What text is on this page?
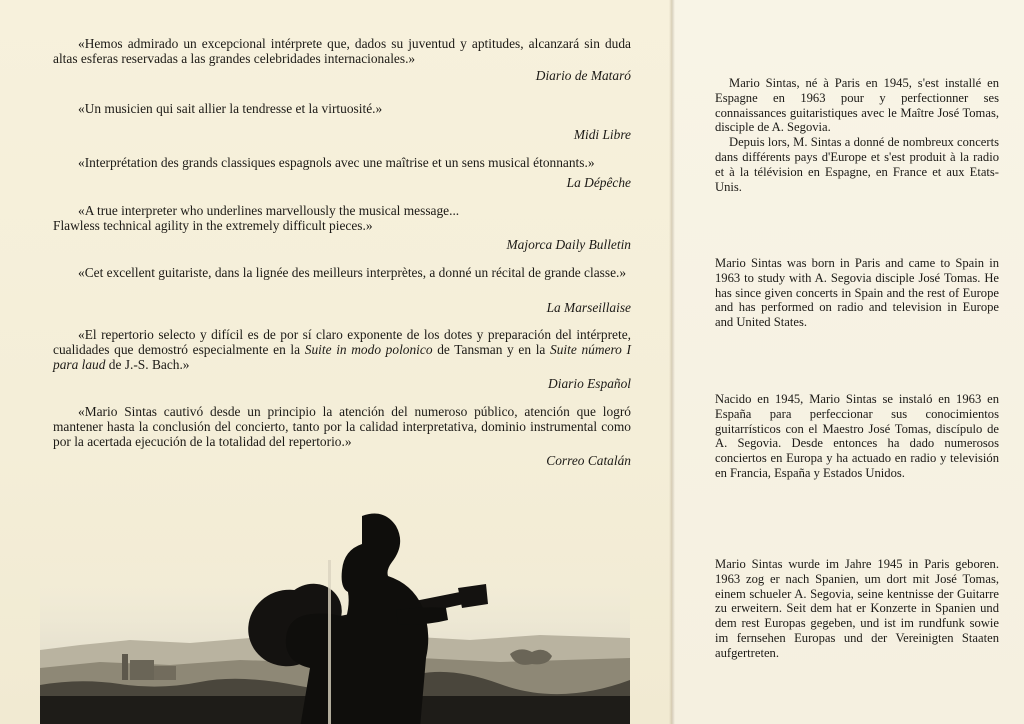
«Hemos admirado un excepcional intérprete que, dados su juventud y aptitudes, alcanzará sin duda altas esferas reservadas a las grandes celebridades internacionales.»

Diario de Mataró

«Un musicien qui sait allier la tendresse et la virtuosité.»

Midi Libre

«Interprétation des grands classiques espagnols avec une maîtrise et un sens musical étonnants.»

La Dépêche

«A true interpreter who underlines marvellously the musical message...

Flawless technical agility in the extremely difficult pieces.»

Majorca Daily Bulletin

«Cet excellent guitariste, dans la lignée des meilleurs interprètes, a donné un récital de grande classe.»

La Marseillaise

«El repertorio selecto y difícil es de por sí claro exponente de los dotes y preparación del intérprete, cualidades que demostró especialmente en la Suite in modo polonico de Tansman y en la Suite número I para laud de J.-S. Bach.»

Diario Español

«Mario Sintas cautivó desde un principio la atención del numeroso público, atención que logró mantener hasta la conclusión del concierto, tanto por la calidad interpretativa, dominio instrumental como por la acertada ejecución de la totalidad del repertorio.»

Correo Catalán

Mario Sintas, né à Paris en 1945, s'est installé en Espagne en 1963 pour y perfectionner ses connaissances guitaristiques avec le Maître José Tomas, disciple de A. Segovia.

Depuis lors, M. Sintas a donné de nombreux concerts dans différents pays d'Europe et s'est produit à la radio et à la télévision en Espagne, en France et aux Etats-Unis.

Mario Sintas was born in Paris and came to Spain in 1963 to study with A. Segovia disciple José Tomas. He has since given concerts in Spain and the rest of Europe and has performed on radio and television in Europe and United States.

Nacido en 1945, Mario Sintas se instaló en 1963 en España para perfeccionar sus conocimientos guitarrísticos con el Maestro José Tomas, discípulo de A. Segovia. Desde entonces ha dado numerosos conciertos en Europa y ha actuado en radio y televisión en Francia, España y Estados Unidos.

Mario Sintas wurde im Jahre 1945 in Paris geboren. 1963 zog er nach Spanien, um dort mit José Tomas, einem schueler A. Segovia, seine kentnisse der Guitarre zu erweitern. Seit dem hat er Konzerte in Spanien und dem rest Europas gegeben, und ist im rundfunk sowie im fernsehen Europas und der Vereinigten Staaten aufgertreten.
